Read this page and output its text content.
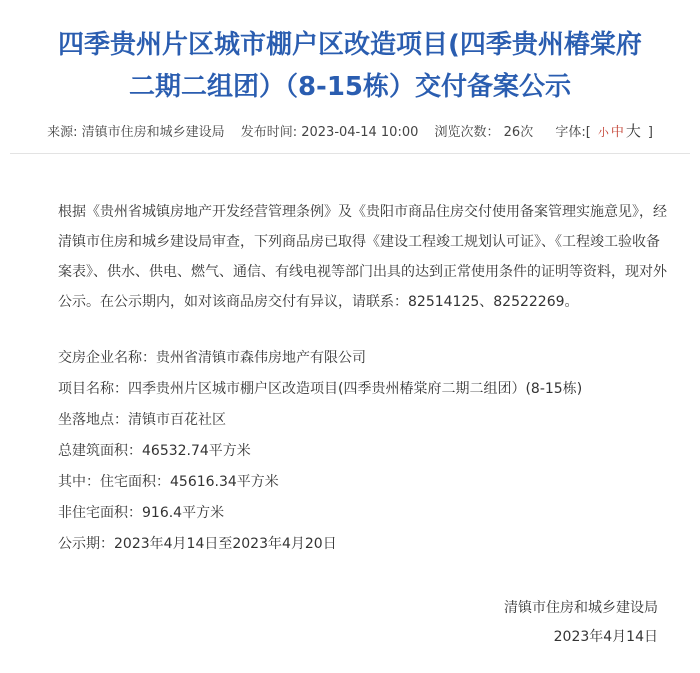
四季贵州片区城市棚户区改造项目(四季贵州椿棠府
二期二组团）（8-15栋）交付备案公示
来源: 清镇市住房和城乡建设局 发布时间: 2023-04-14 10:00 浏览次数： 26次 字体:[ 小 中 大 ]
根据《贵州省城镇房地产开发经营管理条例》及《贵阳市商品住房交付使用备案管理实施意见》，经清镇市住房和城乡建设局审查，下列商品房已取得《建设工程竣工规划认可证》、《工程竣工验收备案表》、供水、供电、燃气、通信、有线电视等部门出具的达到正常使用条件的证明等资料，现对外公示。在公示期内，如对该商品房交付有异议，请联系：82514125、82522269。
交房企业名称：贵州省清镇市森伟房地产有限公司
项目名称：四季贵州片区城市棚户区改造项目(四季贵州椿棠府二期二组团）(8-15栋)
坐落地点：清镇市百花社区
总建筑面积：46532.74平方米
其中：住宅面积：45616.34平方米
非住宅面积：916.4平方米
公示期：2023年4月14日至2023年4月20日
清镇市住房和城乡建设局
2023年4月14日
